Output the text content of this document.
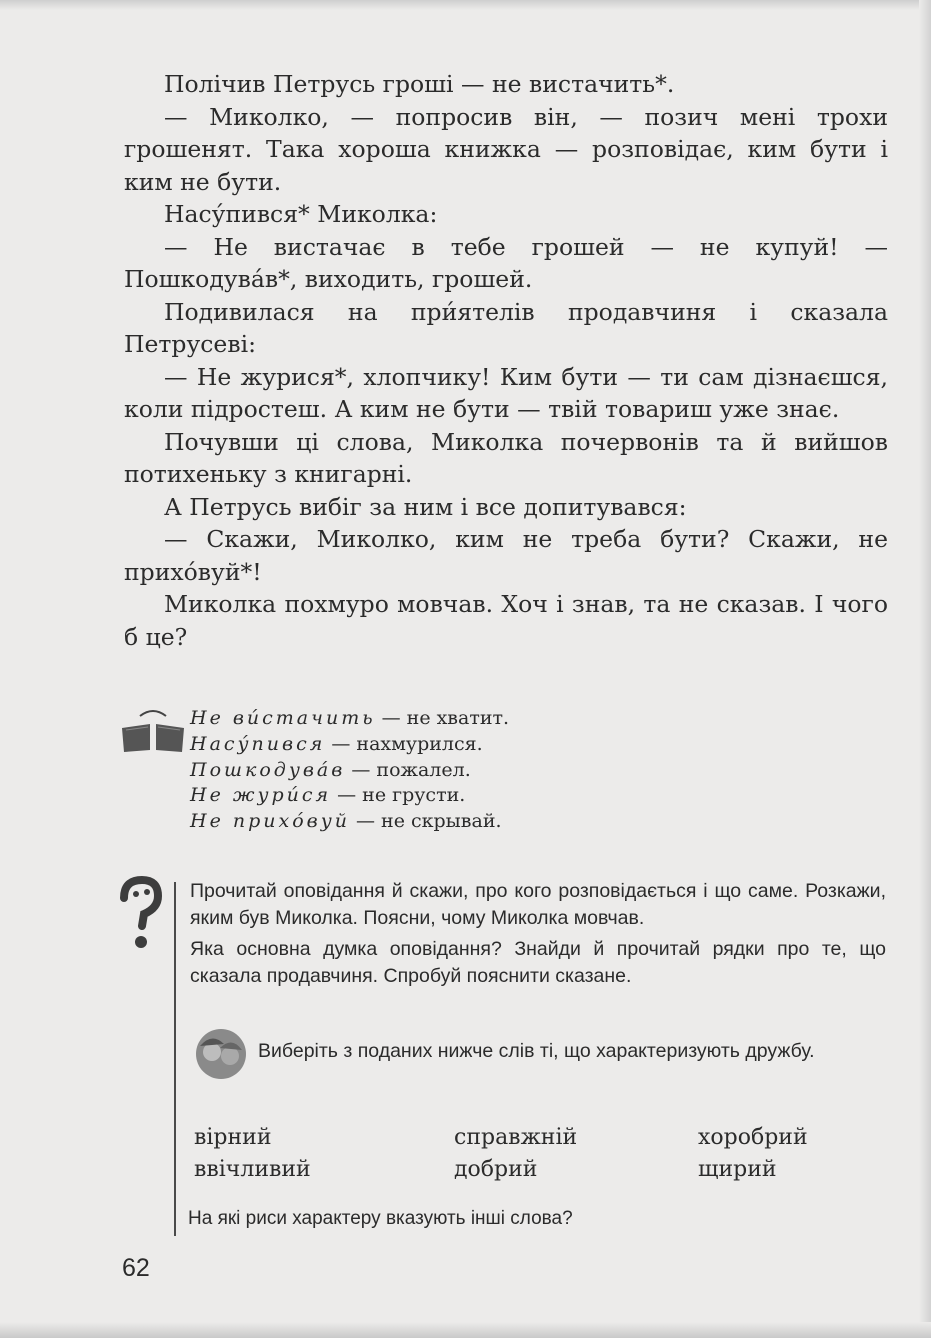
Полічив Петрусь гроші — не вистачить*.

— Миколко, — попросив він, — позич мені трохи грошенят. Така хороша книжка — розповідає, ким бути і ким не бути.

Насу́пився* Миколка:

— Не вистачає в тебе грошей — не купуй! — Пошкодува́в*, виходить, грошей.

Подивилася на при́ятелів продавчиня і сказала Петрусеві:

— Не журися*, хлопчику! Ким бути — ти сам дізнаєшся, коли підростеш. А ким не бути — твій товариш уже знає.

Почувши ці слова, Миколка почервонів та й вийшов потихеньку з книгарні.

А Петрусь вибіг за ним і все допитувався:

— Скажи, Миколко, ким не треба бути? Скажи, не прихо́вуй*!

Миколка похмуро мовчав. Хоч і знав, та не сказав. І чого б це?

Не ви́стачить — не хватит.
Насу́пився — нахмурился.
Пошкодува́в — пожалел.
Не жури́ся — не грусти.
Не прихо́вуй — не скрывай.

Прочитай оповідання й скажи, про кого розповідається і що саме. Розкажи, яким був Миколка. Поясни, чому Миколка мовчав.

Яка основна думка оповідання? Знайди й прочитай рядки про те, що сказала продавчиня. Спробуй пояснити сказане.

Виберіть з поданих нижче слів ті, що характеризують дружбу.
вірний	справжній	хоробрий
ввічливий	добрий	щирий
На які риси характеру вказують інші слова?
62
